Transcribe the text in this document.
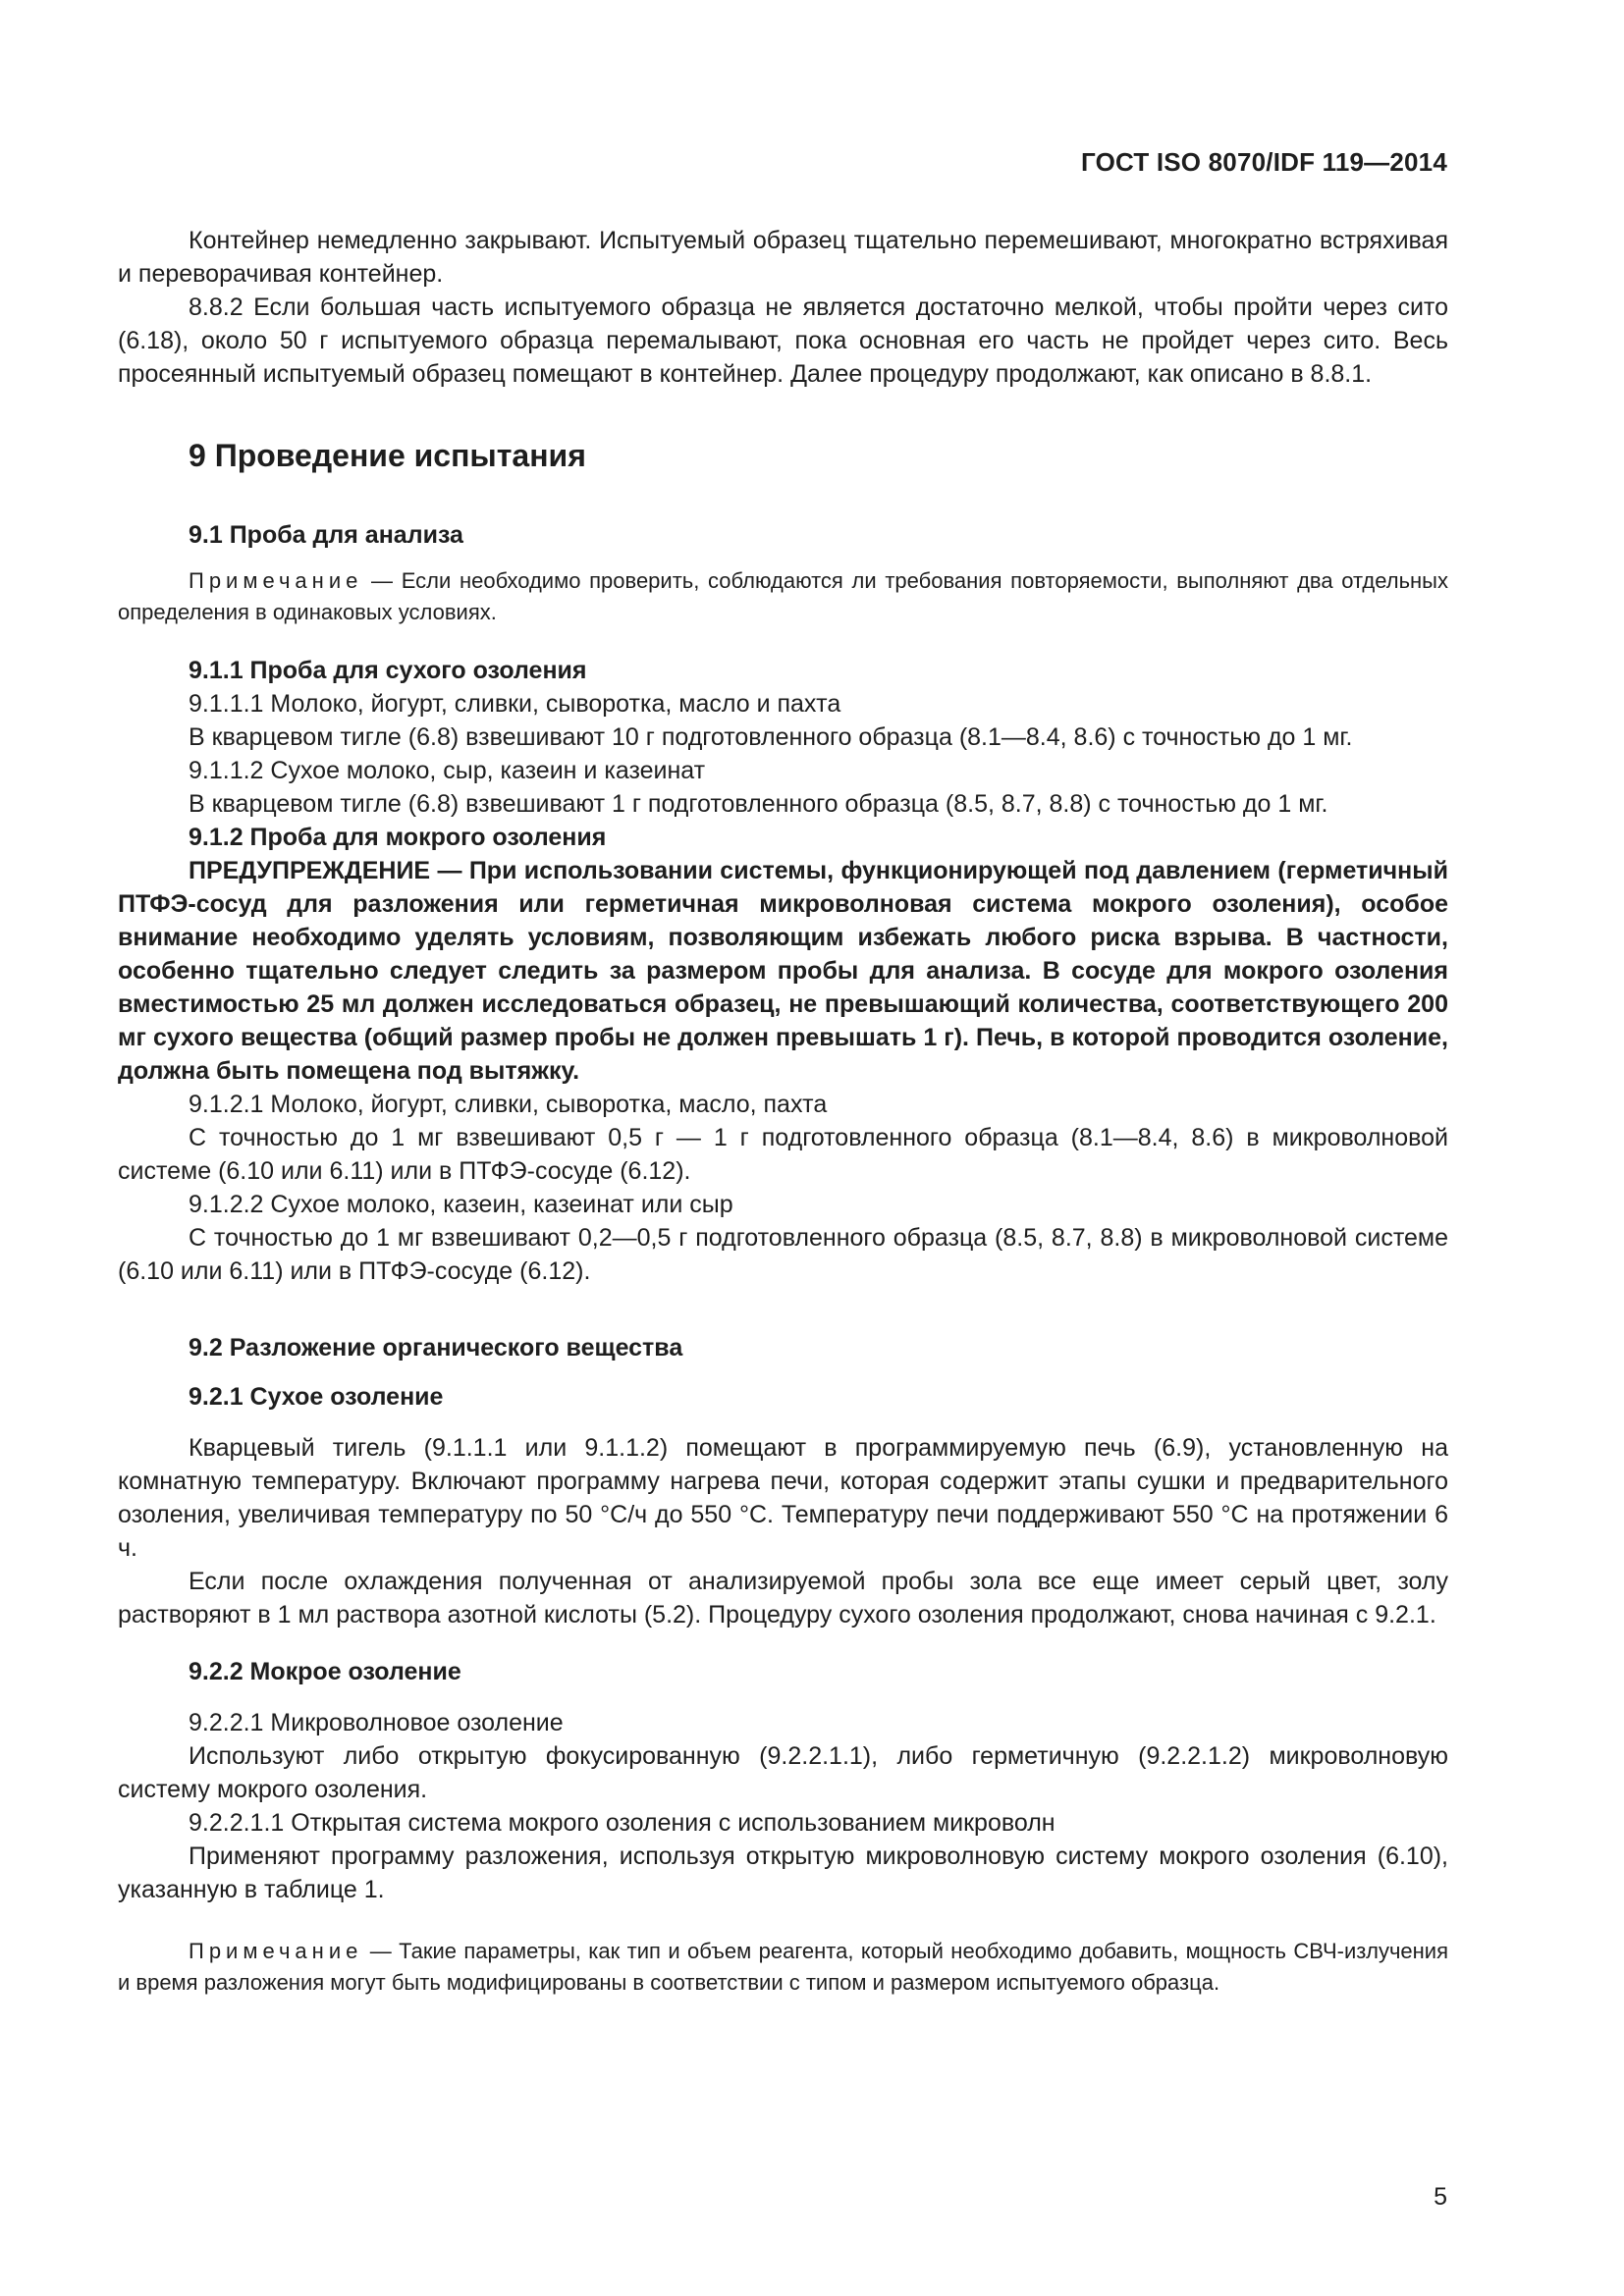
ГОСТ ISO 8070/IDF 119—2014

Контейнер немедленно закрывают. Испытуемый образец тщательно перемешивают, многократно встряхивая и переворачивая контейнер.

8.8.2 Если большая часть испытуемого образца не является достаточно мелкой, чтобы пройти через сито (6.18), около 50 г испытуемого образца перемалывают, пока основная его часть не пройдет через сито. Весь просеянный испытуемый образец помещают в контейнер. Далее процедуру продолжают, как описано в 8.8.1.

9 Проведение испытания
9.1 Проба для анализа

Примечание — Если необходимо проверить, соблюдаются ли требования повторяемости, выполняют два отдельных определения в одинаковых условиях.

9.1.1 Проба для сухого озоления

9.1.1.1 Молоко, йогурт, сливки, сыворотка, масло и пахта

В кварцевом тигле (6.8) взвешивают 10 г подготовленного образца (8.1—8.4, 8.6) с точностью до 1 мг.

9.1.1.2 Сухое молоко, сыр, казеин и казеинат

В кварцевом тигле (6.8) взвешивают 1 г подготовленного образца (8.5, 8.7, 8.8) с точностью до 1 мг.

9.1.2 Проба для мокрого озоления

ПРЕДУПРЕЖДЕНИЕ — При использовании системы, функционирующей под давлением (герметичный ПТФЭ-сосуд для разложения или герметичная микроволновая система мокрого озоления), особое внимание необходимо уделять условиям, позволяющим избежать любого риска взрыва. В частности, особенно тщательно следует следить за размером пробы для анализа. В сосуде для мокрого озоления вместимостью 25 мл должен исследоваться образец, не превышающий количества, соответствующего 200 мг сухого вещества (общий размер пробы не должен превышать 1 г). Печь, в которой проводится озоление, должна быть помещена под вытяжку.

9.1.2.1 Молоко, йогурт, сливки, сыворотка, масло, пахта

С точностью до 1 мг взвешивают 0,5 г — 1 г подготовленного образца (8.1—8.4, 8.6) в микроволновой системе (6.10 или 6.11) или в ПТФЭ-сосуде (6.12).

9.1.2.2 Сухое молоко, казеин, казеинат или сыр

С точностью до 1 мг взвешивают 0,2—0,5 г подготовленного образца (8.5, 8.7, 8.8) в микроволновой системе (6.10 или 6.11) или в ПТФЭ-сосуде (6.12).

9.2 Разложение органического вещества
9.2.1 Сухое озоление

Кварцевый тигель (9.1.1.1 или 9.1.1.2) помещают в программируемую печь (6.9), установленную на комнатную температуру. Включают программу нагрева печи, которая содержит этапы сушки и предварительного озоления, увеличивая температуру по 50 °С/ч до 550 °С. Температуру печи поддерживают 550 °С на протяжении 6 ч.

Если после охлаждения полученная от анализируемой пробы зола все еще имеет серый цвет, золу растворяют в 1 мл раствора азотной кислоты (5.2). Процедуру сухого озоления продолжают, снова начиная с 9.2.1.

9.2.2 Мокрое озоление

9.2.2.1 Микроволновое озоление

Используют либо открытую фокусированную (9.2.2.1.1), либо герметичную (9.2.2.1.2) микроволновую систему мокрого озоления.

9.2.2.1.1 Открытая система мокрого озоления с использованием микроволн

Применяют программу разложения, используя открытую микроволновую систему мокрого озоления (6.10), указанную в таблице 1.

Примечание — Такие параметры, как тип и объем реагента, который необходимо добавить, мощность СВЧ-излучения и время разложения могут быть модифицированы в соответствии с типом и размером испытуемого образца.

5
